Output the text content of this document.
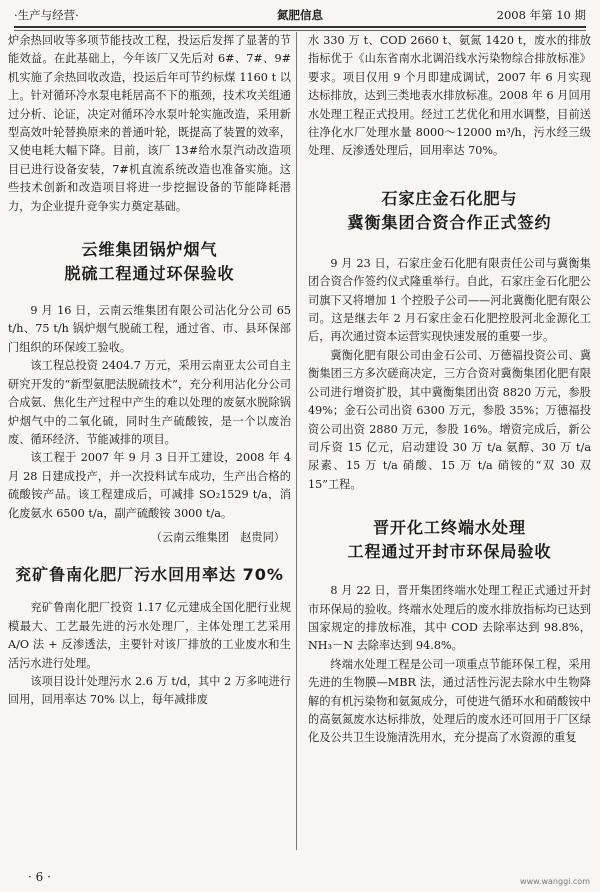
·生产与经营·	氮肥信息	2008 年第 10 期

炉余热回收等多项节能技改工程，投运后发挥了显著的节能效益。在此基础上，今年该厂又先后对 6#、7#、9#机实施了余热回收改造，投运后年可节约标煤 1160 t 以上。针对循环冷水泵电耗居高不下的瓶颈，技术攻关组通过分析、论证，决定对循环冷水泵叶轮实施改造，采用新型高效叶轮替换原来的普通叶轮，既提高了装置的效率，又使电耗大幅下降。目前，该厂 13#给水泵汽动改造项目已进行设备安装，7#机直流系统改造也准备实施。这些技术创新和改造项目将进一步挖掘设备的节能降耗潜力，为企业提升竞争实力奠定基础。

云维集团锅炉烟气
脱硫工程通过环保验收

9 月 16 日，云南云维集团有限公司沾化分公司 65 t/h、75 t/h 锅炉烟气脱硫工程，通过省、市、县环保部门组织的环保竣工验收。

该工程总投资 2404.7 万元，采用云南亚太公司自主研究开发的“新型氨肥法脱硫技术”，充分利用沾化分公司合成氨、焦化生产过程中产生的难以处理的废氨水脱除锅炉烟气中的二氧化硫，同时生产硫酸铵，是一个以废治废、循环经济、节能减排的项目。

该工程于 2007 年 9 月 3 日开工建设，2008 年 4 月 28 日建成投产，并一次投料试车成功，生产出合格的硫酸铵产品。该工程建成后，可减排 SO₂1529 t/a，消化废氨水 6500 t/a，副产硫酸铵 3000 t/a。

（云南云维集团　赵贵同）

兖矿鲁南化肥厂污水回用率达 70%

兖矿鲁南化肥厂投资 1.17 亿元建成全国化肥行业规模最大、工艺最先进的污水处理厂，主体处理工艺采用 A/O 法 + 反渗透法，主要针对该厂排放的工业废水和生活污水进行处理。

该项目设计处理污水 2.6 万 t/d，其中 2 万多吨进行回用，回用率达 70% 以上，每年减排废

水 330 万 t、COD 2660 t、氨氮 1420 t，废水的排放指标优于《山东省南水北调沿线水污染物综合排放标准》要求。项目仅用 9 个月即建成调试，2007 年 6 月实现达标排放，达到三类地表水排放标准。2008 年 6 月回用水处理工程正式投用。经过工艺优化和用水调整，目前送往净化水厂处理水量 8000～12000 m³/h，污水经三级处理、反渗透处理后，回用率达 70%。

石家庄金石化肥与
冀衡集团合资合作正式签约

9 月 23 日，石家庄金石化肥有限责任公司与冀衡集团合资合作签约仪式隆重举行。自此，石家庄金石化肥公司旗下又将增加 1 个控股子公司——河北冀衡化肥有限公司。这是继去年 2 月石家庄金石化肥控股河北金源化工后，再次通过资本运营实现快速发展的重要一步。

冀衡化肥有限公司由金石公司、万德福投资公司、冀衡集团三方多次磋商决定，三方合资对冀衡集团化肥有限公司进行增资扩股，其中冀衡集团出资 8820 万元，参股 49%；金石公司出资 6300 万元，参股 35%；万德福投资公司出资 2880 万元，参股 16%。增资完成后，新公司斥资 15 亿元，启动建设 30 万 t/a 氨醇、30 万 t/a 尿素、15 万 t/a 硝酸、15 万 t/a 硝铵的“双 30 双 15”工程。

晋开化工终端水处理
工程通过开封市环保局验收

8 月 22 日，晋开集团终端水处理工程正式通过开封市环保局的验收。终端水处理后的废水排放指标均已达到国家规定的排放标准，其中 COD 去除率达到 98.8%，NH₃－N 去除率达到 94.8%。

终端水处理工程是公司一项重点节能环保工程，采用先进的生物膜—MBR 法，通过活性污泥去除水中生物降解的有机污染物和氨氮成分，可使进气循环水和硝酸铵中的高氨氮废水达标排放，处理后的废水还可回用于厂区绿化及公共卫生设施清洗用水，充分提高了水资源的重复

· 6 ·	www.wanggi.com
